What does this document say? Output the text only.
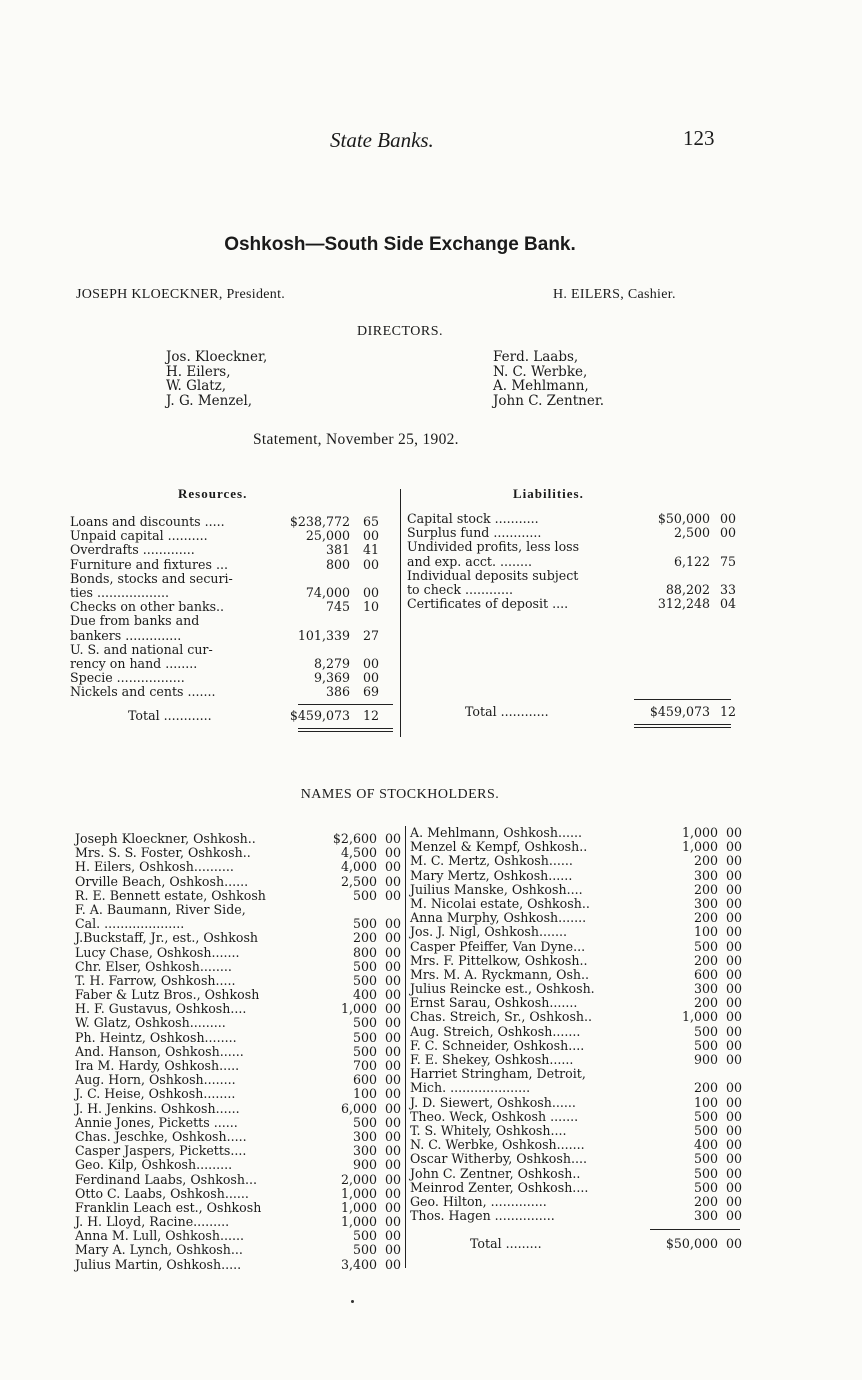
State Banks.	123
Oshkosh—South Side Exchange Bank.
JOSEPH KLOECKNER, President.	H. EILERS, Cashier.
DIRECTORS.
Jos. Kloeckner,
H. Eilers,
W. Glatz,
J. G. Menzel,
Ferd. Laabs,
N. C. Werbke,
A. Mehlmann,
John C. Zentner.
Statement, November 25, 1902.
Resources.	Liabilities.
Loans and discounts .....	$238,772	65
Unpaid capital ..........	25,000	00
Overdrafts .............	381	41
Furniture and fixtures ...	800	00
Bonds, stocks and securi-
ties ..................	74,000	00
Checks on other banks..	745	10
Due from banks and
bankers ..............	101,339	27
U. S. and national cur-
rency on hand ........	8,279	00
Specie .................	9,369	00
Nickels and cents .......	386	69
Total ............	$459,073	12
Capital stock ...........	$50,000 00
Surplus fund ............	2,500 00
Undivided profits, less loss
and exp. acct. ........	6,122 75
Individual deposits subject
to check ............	88,202 33
Certificates of deposit ....	312,248 04
Total ............	$459,073 12
NAMES OF STOCKHOLDERS.
Joseph Kloeckner, Oshkosh..	$2,600 00
Mrs. S. S. Foster, Oshkosh..	4,500 00
H. Eilers, Oshkosh..........	4,000 00
Orville Beach, Oshkosh......	2,500 00
R. E. Bennett estate, Oshkosh	500 00
F. A. Baumann, River Side,
Cal. ....................	500 00
J.Buckstaff, Jr., est., Oshkosh	200 00
Lucy Chase, Oshkosh.......	800 00
Chr. Elser, Oshkosh........	500 00
T. H. Farrow, Oshkosh.....	500 00
Faber & Lutz Bros., Oshkosh	400 00
H. F. Gustavus, Oshkosh....	1,000 00
W. Glatz, Oshkosh.........	500 00
Ph. Heintz, Oshkosh........	500 00
And. Hanson, Oshkosh......	500 00
Ira M. Hardy, Oshkosh.....	700 00
Aug. Horn, Oshkosh........	600 00
J. C. Heise, Oshkosh........	100 00
J. H. Jenkins. Oshkosh......	6,000 00
Annie Jones, Picketts ......	500 00
Chas. Jeschke, Oshkosh.....	300 00
Casper Jaspers, Picketts....	300 00
Geo. Kilp, Oshkosh.........	900 00
Ferdinand Laabs, Oshkosh...	2,000 00
Otto C. Laabs, Oshkosh......	1,000 00
Franklin Leach est., Oshkosh	1,000 00
J. H. Lloyd, Racine.........	1,000 00
Anna M. Lull, Oshkosh......	500 00
Mary A. Lynch, Oshkosh...	500 00
Julius Martin, Oshkosh.....	3,400 00
A. Mehlmann, Oshkosh......	1,000 00
Menzel & Kempf, Oshkosh..	1,000 00
M. C. Mertz, Oshkosh......	200 00
Mary Mertz, Oshkosh......	300 00
Juilius Manske, Oshkosh....	200 00
M. Nicolai estate, Oshkosh..	300 00
Anna Murphy, Oshkosh.......	200 00
Jos. J. Nigl, Oshkosh.......	100 00
Casper Pfeiffer, Van Dyne...	500 00
Mrs. F. Pittelkow, Oshkosh..	200 00
Mrs. M. A. Ryckmann, Osh..	600 00
Julius Reincke est., Oshkosh.	300 00
Ernst Sarau, Oshkosh.......	200 00
Chas. Streich, Sr., Oshkosh..	1,000 00
Aug. Streich, Oshkosh.......	500 00
F. C. Schneider, Oshkosh....	500 00
F. E. Shekey, Oshkosh......	900 00
Harriet Stringham, Detroit,
Mich. ....................	200 00
J. D. Siewert, Oshkosh......	100 00
Theo. Weck, Oshkosh .......	500 00
T. S. Whitely, Oshkosh....	500 00
N. C. Werbke, Oshkosh.......	400 00
Oscar Witherby, Oshkosh....	500 00
John C. Zentner, Oshkosh..	500 00
Meinrod Zenter, Oshkosh....	500 00
Geo. Hilton, ..............	200 00
Thos. Hagen ...............	300 00
Total .........	$50,000 00
